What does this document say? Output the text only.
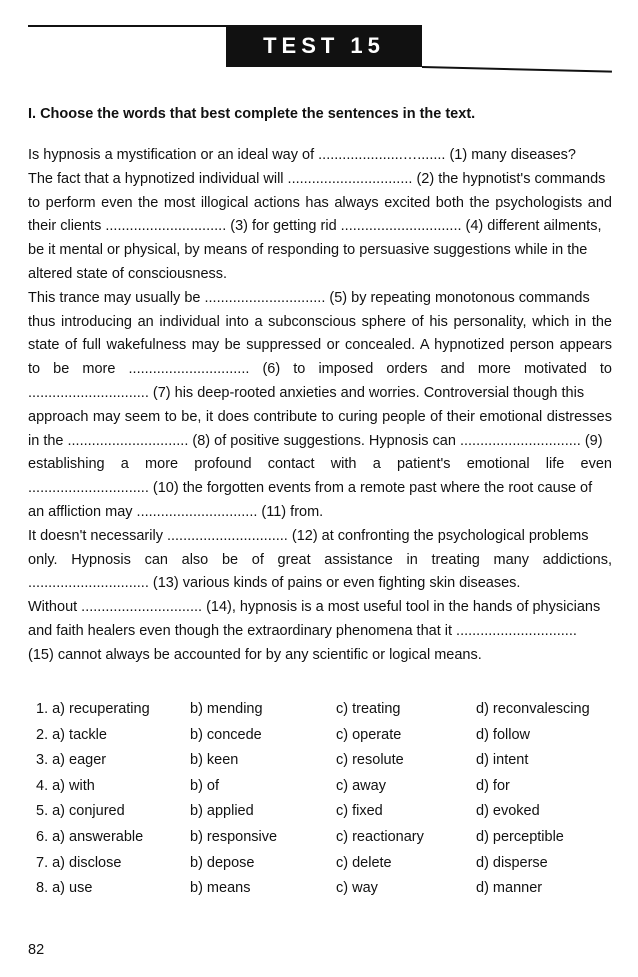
TEST 15
I. Choose the words that best complete the sentences in the text.
Is hypnosis a mystification or an ideal way of .....................…....... (1) many diseases?
The fact that a hypnotized individual will ............................... (2) the hypnotist's commands
to perform even the most illogical actions has always excited both the psychologists and
their clients .............................. (3) for getting rid .............................. (4) different ailments,
be it mental or physical, by means of responding to persuasive suggestions while in the
altered state of consciousness.
This trance may usually be .............................. (5) by repeating monotonous commands
thus introducing an individual into a subconscious sphere of his personality, which in the
state of full wakefulness may be suppressed or concealed. A hypnotized person appears
to be more .............................. (6) to imposed orders and more motivated to
.............................. (7) his deep-rooted anxieties and worries. Controversial though this
approach may seem to be, it does contribute to curing people of their emotional distresses
in the .............................. (8) of positive suggestions. Hypnosis can .............................. (9)
establishing a more profound contact with a patient's emotional life even
.............................. (10) the forgotten events from a remote past where the root cause of
an affliction may .............................. (11) from.
It doesn't necessarily .............................. (12) at confronting the psychological problems
only. Hypnosis can also be of great assistance in treating many addictions,
.............................. (13) various kinds of pains or even fighting skin diseases.
Without .............................. (14), hypnosis is a most useful tool in the hands of physicians
and faith healers even though the extraordinary phenomena that it ..............................
(15) cannot always be accounted for by any scientific or logical means.
1. a) recuperating	b) mending	c) treating	d) reconvalescing
2. a) tackle	b) concede	c) operate	d) follow
3. a) eager	b) keen	c) resolute	d) intent
4. a) with	b) of	c) away	d) for
5. a) conjured	b) applied	c) fixed	d) evoked
6. a) answerable	b) responsive	c) reactionary	d) perceptible
7. a) disclose	b) depose	c) delete	d) disperse
8. a) use	b) means	c) way	d) manner
82
